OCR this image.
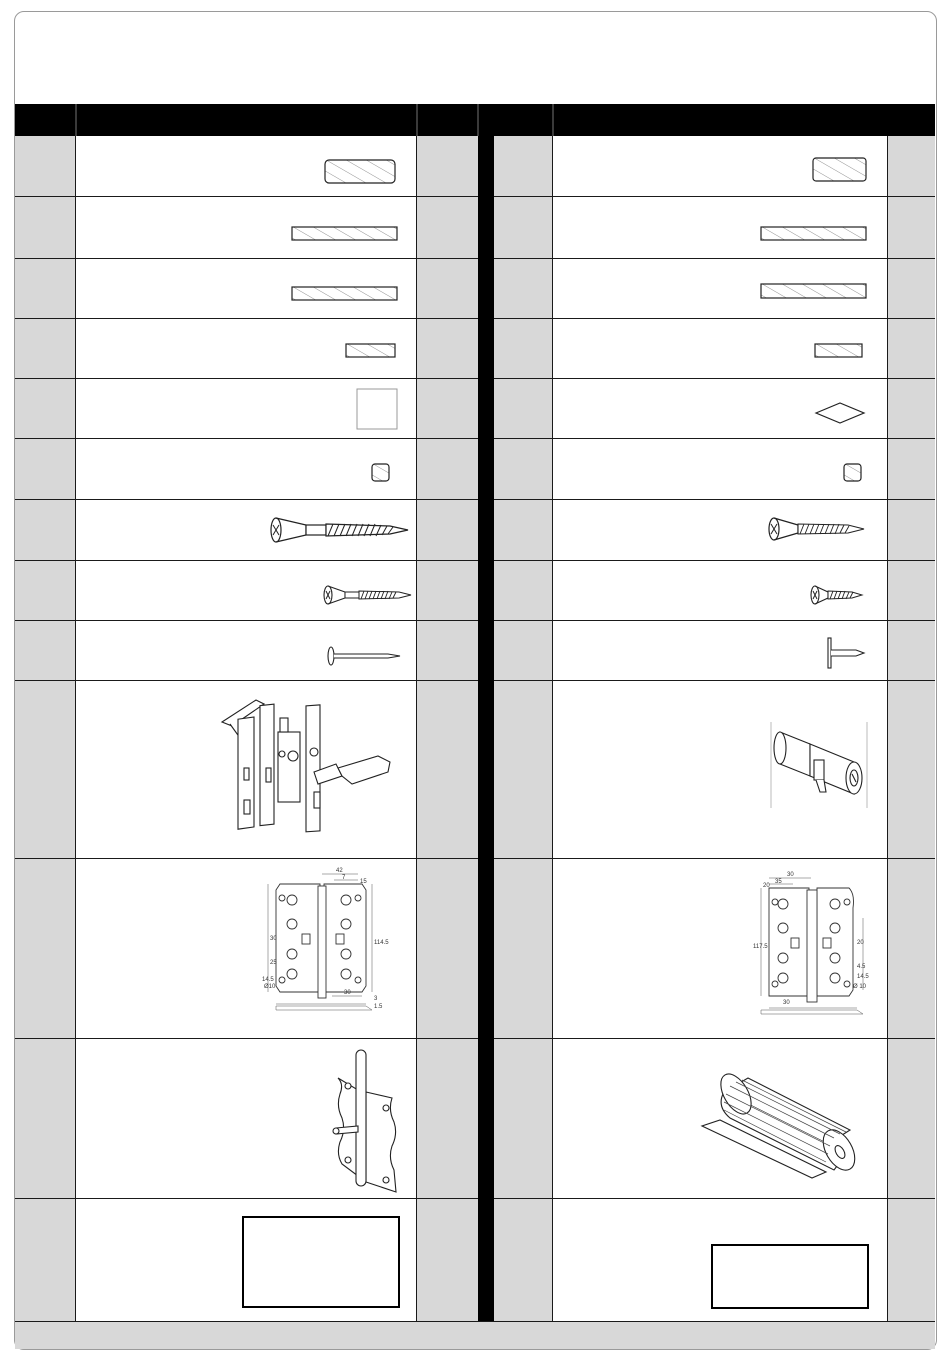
42
7
15
30
114.5
25
14.5
Ø10
30
3
1.5
30
35
20
117.5
20
4.5
14.5
Ø 10
30
